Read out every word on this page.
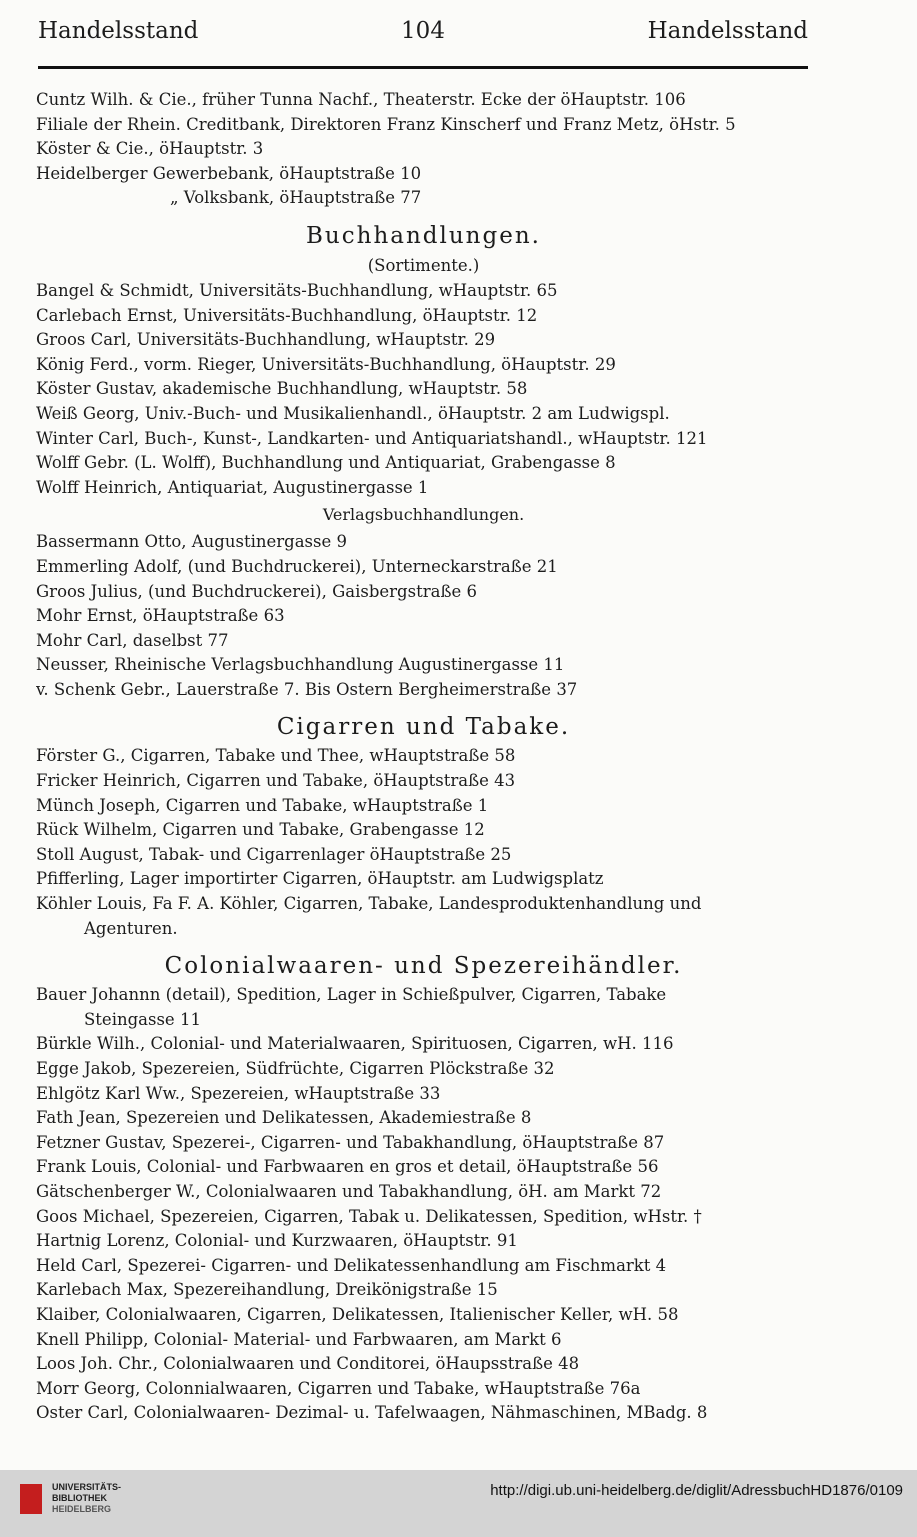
Handelsstand	104	Handelsstand
Cuntz Wilh. & Cie., früher Tunna Nachf., Theaterstr. Ecke der öHauptstr. 106
Filiale der Rhein. Creditbank, Direktoren Franz Kinscherf und Franz Metz, öHstr. 5
Köster & Cie., öHauptstr. 3
Heidelberger Gewerbebank, öHauptstraße 10
„ Volksbank, öHauptstraße 77
Buchhandlungen.
(Sortimente.)
Bangel & Schmidt, Universitäts-Buchhandlung, wHauptstr. 65
Carlebach Ernst, Universitäts-Buchhandlung, öHauptstr. 12
Groos Carl, Universitäts-Buchhandlung, wHauptstr. 29
König Ferd., vorm. Rieger, Universitäts-Buchhandlung, öHauptstr. 29
Köster Gustav, akademische Buchhandlung, wHauptstr. 58
Weiß Georg, Univ.-Buch- und Musikalienhandl., öHauptstr. 2 am Ludwigspl.
Winter Carl, Buch-, Kunst-, Landkarten- und Antiquariatshandl., wHauptstr. 121
Wolff Gebr. (L. Wolff), Buchhandlung und Antiquariat, Grabengasse 8
Wolff Heinrich, Antiquariat, Augustinergasse 1
Verlagsbuchhandlungen.
Bassermann Otto, Augustinergasse 9
Emmerling Adolf, (und Buchdruckerei), Unterneckarstraße 21
Groos Julius, (und Buchdruckerei), Gaisbergstraße 6
Mohr Ernst, öHauptstraße 63
Mohr Carl, daselbst 77
Neusser, Rheinische Verlagsbuchhandlung Augustinergasse 11
v. Schenk Gebr., Lauerstraße 7. Bis Ostern Bergheimerstraße 37
Cigarren und Tabake.
Förster G., Cigarren, Tabake und Thee, wHauptstraße 58
Fricker Heinrich, Cigarren und Tabake, öHauptstraße 43
Münch Joseph, Cigarren und Tabake, wHauptstraße 1
Rück Wilhelm, Cigarren und Tabake, Grabengasse 12
Stoll August, Tabak- und Cigarrenlager öHauptstraße 25
Pfifferling, Lager importirter Cigarren, öHauptstr. am Ludwigsplatz
Köhler Louis, Fa F. A. Köhler, Cigarren, Tabake, Landesproduktenhandlung und
Agenturen.
Colonialwaaren- und Spezereihändler.
Bauer Johannn (detail), Spedition, Lager in Schießpulver, Cigarren, Tabake
Steingasse 11
Bürkle Wilh., Colonial- und Materialwaaren, Spirituosen, Cigarren, wH. 116
Egge Jakob, Spezereien, Südfrüchte, Cigarren Plöckstraße 32
Ehlgötz Karl Ww., Spezereien, wHauptstraße 33
Fath Jean, Spezereien und Delikatessen, Akademiestraße 8
Fetzner Gustav, Spezerei-, Cigarren- und Tabakhandlung, öHauptstraße 87
Frank Louis, Colonial- und Farbwaaren en gros et detail, öHauptstraße 56
Gätschenberger W., Colonialwaaren und Tabakhandlung, öH. am Markt 72
Goos Michael, Spezereien, Cigarren, Tabak u. Delikatessen, Spedition, wHstr. †
Hartnig Lorenz, Colonial- und Kurzwaaren, öHauptstr. 91
Held Carl, Spezerei- Cigarren- und Delikatessenhandlung am Fischmarkt 4
Karlebach Max, Spezereihandlung, Dreikönigstraße 15
Klaiber, Colonialwaaren, Cigarren, Delikatessen, Italienischer Keller, wH. 58
Knell Philipp, Colonial- Material- und Farbwaaren, am Markt 6
Loos Joh. Chr., Colonialwaaren und Conditorei, öHaupsstraße 48
Morr Georg, Colonnialwaaren, Cigarren und Tabake, wHauptstraße 76a
Oster Carl, Colonialwaaren- Dezimal- u. Tafelwaagen, Nähmaschinen, MBadg. 8
UNIVERSITÄTS-
BIBLIOTHEK
HEIDELBERG
http://digi.ub.uni-heidelberg.de/diglit/AdressbuchHD1876/0109
